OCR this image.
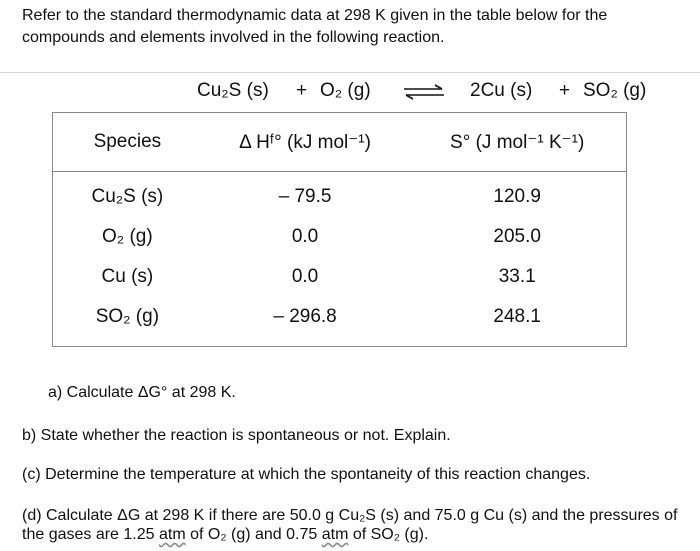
Refer to the standard thermodynamic data at 298 K given in the table below for the compounds and elements involved in the following reaction.

Cu₂S (s) + O₂ (g) ⇌ 2Cu (s) + SO₂ (g)
Species	Δ Hᶠ° (kJ mol⁻¹)	S° (J mol⁻¹ K⁻¹)
Cu₂S (s)	– 79.5	120.9
O₂ (g)	0.0	205.0
Cu (s)	0.0	33.1
SO₂ (g)	– 296.8	248.1

a) Calculate ΔG° at 298 K.

b) State whether the reaction is spontaneous or not. Explain.

(c) Determine the temperature at which the spontaneity of this reaction changes.

(d) Calculate ΔG at 298 K if there are 50.0 g Cu₂S (s) and 75.0 g Cu (s) and the pressures of the gases are 1.25 atm of O₂ (g) and 0.75 atm of SO₂ (g).
